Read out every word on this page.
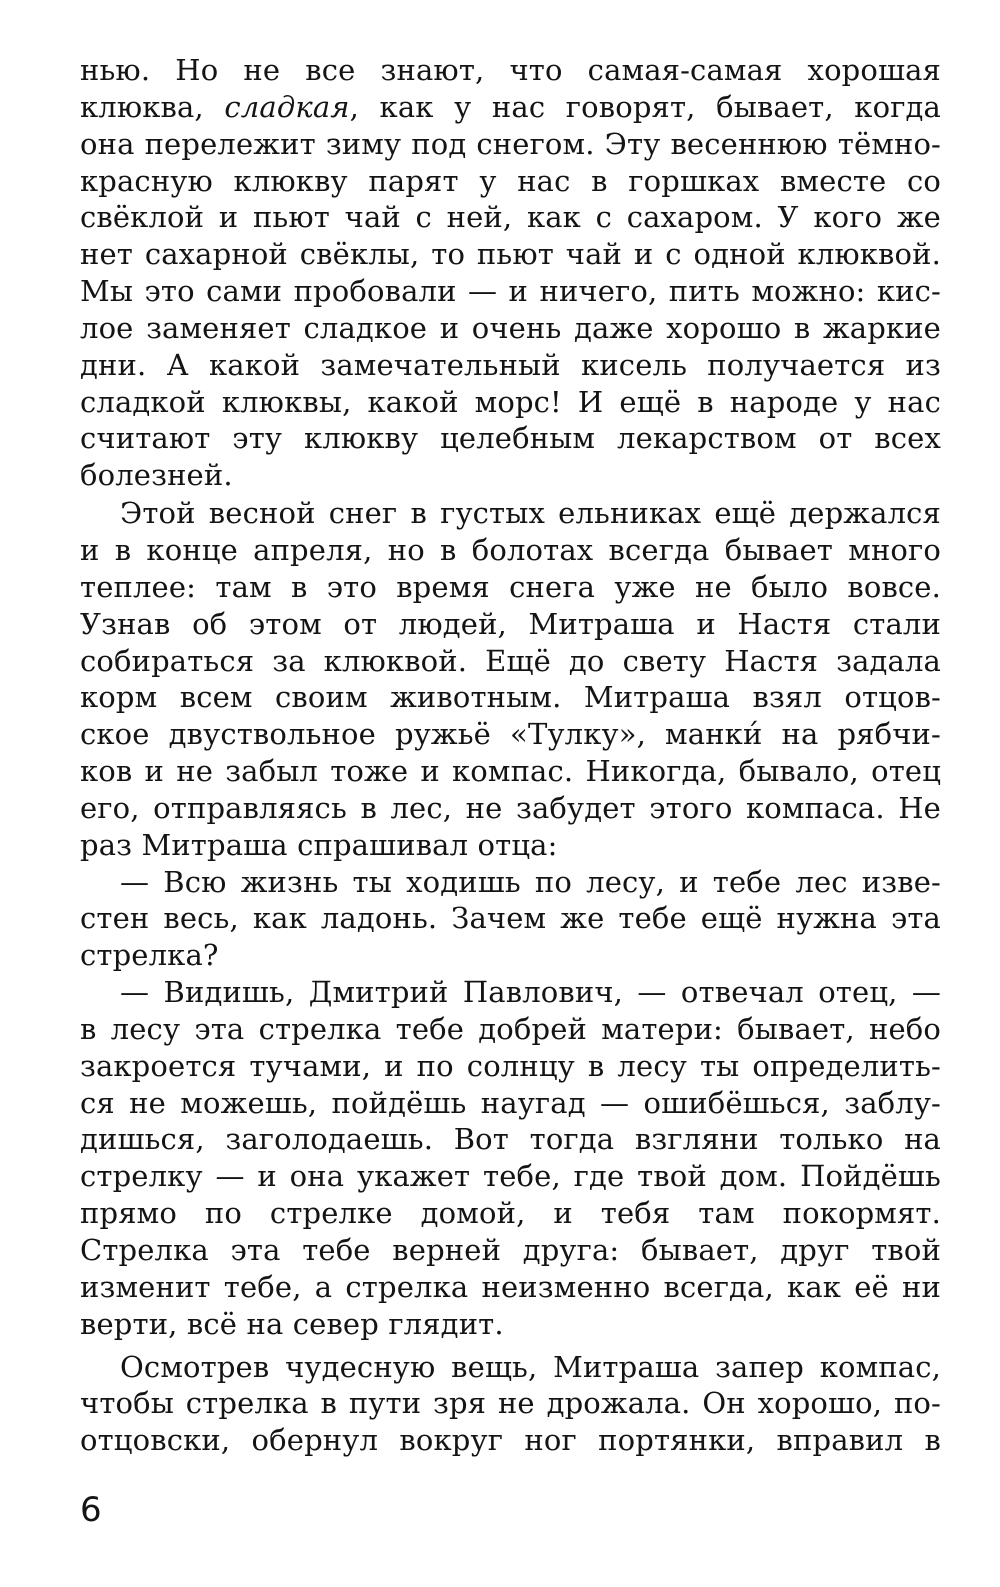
нью. Но не все знают, что самая-самая хорошая
клюква, сладкая, как у нас говорят, бывает, когда
она перележит зиму под снегом. Эту весеннюю тёмно-
красную клюкву парят у нас в горшках вместе со
свёклой и пьют чай с ней, как с сахаром. У кого же
нет сахарной свёклы, то пьют чай и с одной клюквой.
Мы это сами пробовали — и ничего, пить можно: кис-
лое заменяет сладкое и очень даже хорошо в жаркие
дни. А какой замечательный кисель получается из
сладкой клюквы, какой морс! И ещё в народе у нас
считают эту клюкву целебным лекарством от всех
болезней.
Этой весной снег в густых ельниках ещё держался
и в конце апреля, но в болотах всегда бывает много
теплее: там в это время снега уже не было вовсе.
Узнав об этом от людей, Митраша и Настя стали
собираться за клюквой. Ещё до свету Настя задала
корм всем своим животным. Митраша взял отцов-
ское двуствольное ружьё «Тулку», манки́ на рябчи-
ков и не забыл тоже и компас. Никогда, бывало, отец
его, отправляясь в лес, не забудет этого компаса. Не
раз Митраша спрашивал отца:
— Всю жизнь ты ходишь по лесу, и тебе лес изве-
стен весь, как ладонь. Зачем же тебе ещё нужна эта
стрелка?
— Видишь, Дмитрий Павлович, — отвечал отец, —
в лесу эта стрелка тебе добрей матери: бывает, небо
закроется тучами, и по солнцу в лесу ты определить-
ся не можешь, пойдёшь наугад — ошибёшься, заблу-
дишься, заголодаешь. Вот тогда взгляни только на
стрелку — и она укажет тебе, где твой дом. Пойдёшь
прямо по стрелке домой, и тебя там покормят.
Стрелка эта тебе верней друга: бывает, друг твой
изменит тебе, а стрелка неизменно всегда, как её ни
верти, всё на север глядит.
Осмотрев чудесную вещь, Митраша запер компас,
чтобы стрелка в пути зря не дрожала. Он хорошо, по-
отцовски, обернул вокруг ног портянки, вправил в
6
